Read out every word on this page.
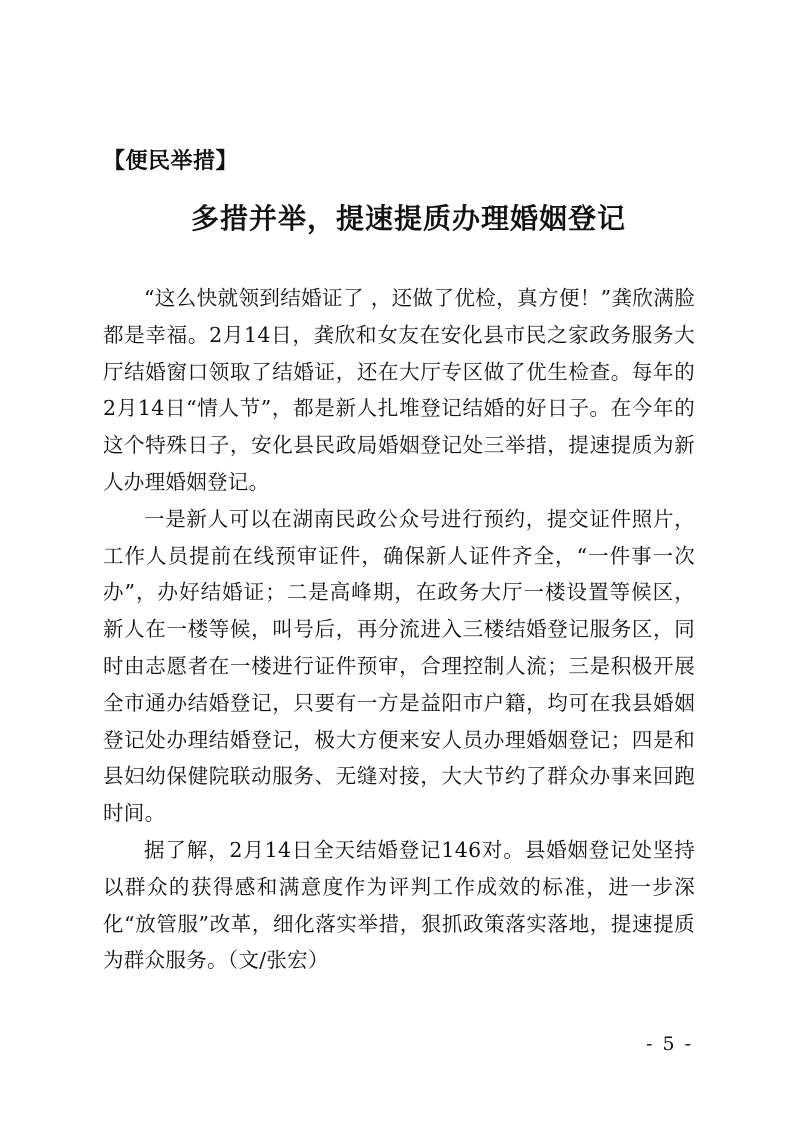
【便民举措】
多措并举，提速提质办理婚姻登记

“这么快就领到结婚证了 ，还做了优检，真方便！”龚欣满脸都是幸福。2月14日，龚欣和女友在安化县市民之家政务服务大厅结婚窗口领取了结婚证，还在大厅专区做了优生检查。每年的2月14日“情人节”，都是新人扎堆登记结婚的好日子。在今年的这个特殊日子，安化县民政局婚姻登记处三举措，提速提质为新人办理婚姻登记。

一是新人可以在湖南民政公众号进行预约，提交证件照片，工作人员提前在线预审证件，确保新人证件齐全，“一件事一次办”，办好结婚证；二是高峰期，在政务大厅一楼设置等候区，新人在一楼等候，叫号后，再分流进入三楼结婚登记服务区，同时由志愿者在一楼进行证件预审，合理控制人流；三是积极开展全市通办结婚登记，只要有一方是益阳市户籍，均可在我县婚姻登记处办理结婚登记，极大方便来安人员办理婚姻登记；四是和县妇幼保健院联动服务、无缝对接，大大节约了群众办事来回跑时间。

据了解，2月14日全天结婚登记146对。县婚姻登记处坚持以群众的获得感和满意度作为评判工作成效的标准，进一步深化“放管服”改革，细化落实举措，狠抓政策落实落地，提速提质为群众服务。（文/张宏）

- 5 -
